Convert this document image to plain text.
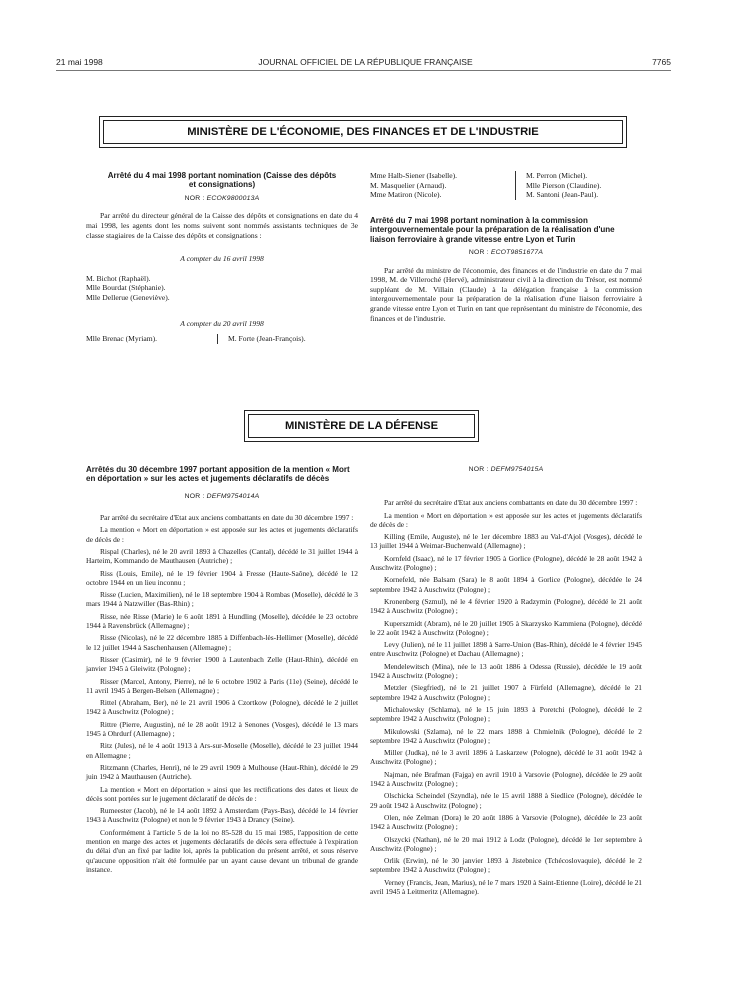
21 mai 1998	JOURNAL OFFICIEL DE LA RÉPUBLIQUE FRANÇAISE	7765
MINISTÈRE DE L'ÉCONOMIE, DES FINANCES ET DE L'INDUSTRIE
Arrêté du 4 mai 1998 portant nomination (Caisse des dépôts et consignations)
NOR : ECOK9800013A

Par arrêté du directeur général de la Caisse des dépôts et consignations en date du 4 mai 1998, les agents dont les noms suivent sont nommés assistants techniques de 3e classe stagiaires de la Caisse des dépôts et consignations :

A compter du 16 avril 1998

M. Bichot (Raphaël).

Mlle Bourdat (Stéphanie).

Mlle Dellerue (Geneviève).

A compter du 20 avril 1998

Mlle Brenac (Myriam).	M. Forte (Jean-François).

Mme Halb-Siener (Isabelle).

M. Masquelier (Arnaud).

Mme Matiron (Nicole).

M. Perron (Michel).

Mlle Pierson (Claudine).

M. Santoni (Jean-Paul).

Arrêté du 7 mai 1998 portant nomination à la commission intergouvernementale pour la préparation de la réalisation d'une liaison ferroviaire à grande vitesse entre Lyon et Turin
NOR : ECOT9851677A

Par arrêté du ministre de l'économie, des finances et de l'industrie en date du 7 mai 1998, M. de Villeroché (Hervé), administrateur civil à la direction du Trésor, est nommé suppléant de M. Villain (Claude) à la délégation française à la commission intergouvernementale pour la préparation de la réalisation d'une liaison ferroviaire à grande vitesse entre Lyon et Turin en tant que représentant du ministre de l'économie, des finances et de l'industrie.

MINISTÈRE DE LA DÉFENSE
Arrêtés du 30 décembre 1997 portant apposition de la mention « Mort en déportation » sur les actes et jugements déclaratifs de décès
NOR : DEFM9754014A

Par arrêté du secrétaire d'Etat aux anciens combattants en date du 30 décembre 1997 :

La mention « Mort en déportation » est apposée sur les actes et jugements déclaratifs de décès de :

Rispal (Charles), né le 20 avril 1893 à Chazelles (Cantal), décédé le 31 juillet 1944 à Harteim, Kommando de Mauthausen (Autriche) ;

Riss (Louis, Emile), né le 19 février 1904 à Fresse (Haute-Saône), décédé le 12 octobre 1944 en un lieu inconnu ;

Risse (Lucien, Maximilien), né le 18 septembre 1904 à Rombas (Moselle), décédé le 3 mars 1944 à Natzwiller (Bas-Rhin) ;

Risse, née Risse (Marie) le 6 août 1891 à Hundling (Moselle), décédée le 23 octobre 1944 à Ravensbrück (Allemagne) ;

Risse (Nicolas), né le 22 décembre 1885 à Diffenbach-lès-Hellimer (Moselle), décédé le 12 juillet 1944 à Saschenhausen (Allemagne) ;

Risser (Casimir), né le 9 février 1900 à Lautenbach Zelle (Haut-Rhin), décédé en janvier 1945 à Gleiwitz (Pologne) ;

Risser (Marcel, Antony, Pierre), né le 6 octobre 1902 à Paris (11e) (Seine), décédé le 11 avril 1945 à Bergen-Belsen (Allemagne) ;

Rittel (Abraham, Ber), né le 21 avril 1906 à Czortkow (Pologne), décédé le 2 juillet 1942 à Auschwitz (Pologne) ;

Rittre (Pierre, Augustin), né le 28 août 1912 à Senones (Vosges), décédé le 13 mars 1945 à Ohrdurf (Allemagne) ;

Ritz (Jules), né le 4 août 1913 à Ars-sur-Moselle (Moselle), décédé le 23 juillet 1944 en Allemagne ;

Ritzmann (Charles, Henri), né le 29 avril 1909 à Mulhouse (Haut-Rhin), décédé le 29 juin 1942 à Mauthausen (Autriche).

La mention « Mort en déportation » ainsi que les rectifications des dates et lieux de décès sont portées sur le jugement déclaratif de décès de :

Rumeester (Jacob), né le 14 août 1892 à Amsterdam (Pays-Bas), décédé le 14 février 1943 à Auschwitz (Pologne) et non le 9 février 1943 à Drancy (Seine).

Conformément à l'article 5 de la loi no 85-528 du 15 mai 1985, l'apposition de cette mention en marge des actes et jugements déclaratifs de décès sera effectuée à l'expiration du délai d'un an fixé par ladite loi, après la publication du présent arrêté, et sous réserve qu'aucune opposition n'ait été formulée par un ayant cause devant un tribunal de grande instance.

NOR : DEFM9754015A

Par arrêté du secrétaire d'Etat aux anciens combattants en date du 30 décembre 1997 :

La mention « Mort en déportation » est apposée sur les actes et jugements déclaratifs de décès de :

Killing (Emile, Auguste), né le 1er décembre 1883 au Val-d'Ajol (Vosges), décédé le 13 juillet 1944 à Weimar-Buchenwald (Allemagne) ;

Kornfeld (Isaac), né le 17 février 1905 à Gorlice (Pologne), décédé le 28 août 1942 à Auschwitz (Pologne) ;

Kornefeld, née Balsam (Sara) le 8 août 1894 à Gorlice (Pologne), décédée le 24 septembre 1942 à Auschwitz (Pologne) ;

Kronenberg (Szmul), né le 4 février 1920 à Radzymin (Pologne), décédé le 21 août 1942 à Auschwitz (Pologne) ;

Kuperszmidt (Abram), né le 20 juillet 1905 à Skarzysko Kammiena (Pologne), décédé le 22 août 1942 à Auschwitz (Pologne) ;

Levy (Julien), né le 11 juillet 1898 à Sarre-Union (Bas-Rhin), décédé le 4 février 1945 entre Auschwitz (Pologne) et Dachau (Allemagne) ;

Mendelewitsch (Mina), née le 13 août 1886 à Odessa (Russie), décédée le 19 août 1942 à Auschwitz (Pologne) ;

Metzler (Siegfried), né le 21 juillet 1907 à Fürfeld (Allemagne), décédé le 21 septembre 1942 à Auschwitz (Pologne) ;

Michalowsky (Schlama), né le 15 juin 1893 à Poretchi (Pologne), décédé le 2 septembre 1942 à Auschwitz (Pologne) ;

Mikulowski (Szlama), né le 22 mars 1898 à Chmielnik (Pologne), décédé le 2 septembre 1942 à Auschwitz (Pologne) ;

Miller (Judka), né le 3 avril 1896 à Laskarzew (Pologne), décédé le 31 août 1942 à Auschwitz (Pologne) ;

Najman, née Brafman (Fajga) en avril 1910 à Varsovie (Pologne), décédée le 29 août 1942 à Auschwitz (Pologne) ;

Olschicka Scheindel (Szyndla), née le 15 avril 1888 à Siedlice (Pologne), décédée le 29 août 1942 à Auschwitz (Pologne) ;

Olen, née Zelman (Dora) le 20 août 1886 à Varsovie (Pologne), décédée le 23 août 1942 à Auschwitz (Pologne) ;

Olszycki (Nathan), né le 20 mai 1912 à Lodz (Pologne), décédé le 1er septembre à Auschwitz (Pologne) ;

Orlik (Erwin), né le 30 janvier 1893 à Jistebnice (Tchécoslovaquie), décédé le 2 septembre 1942 à Auschwitz (Pologne) ;

Verney (Francis, Jean, Marius), né le 7 mars 1920 à Saint-Etienne (Loire), décédé le 21 avril 1945 à Leitmeritz (Allemagne).
